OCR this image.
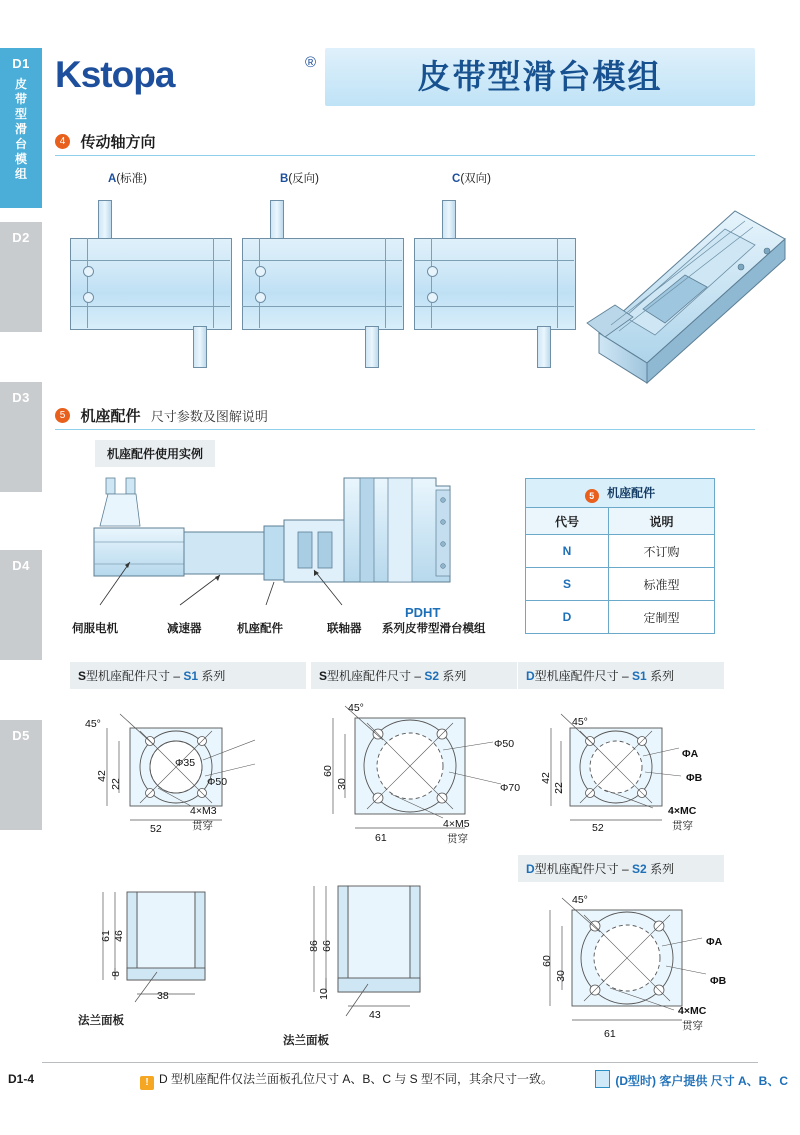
D1
皮带型滑台模组
D2
D3
D4
D5
Kstopa	®	皮带型滑台模组
4 传动轴方向
A(标准)	B(反向)	C(双向)
5 机座配件 尺寸参数及图解说明
机座配件使用实例
伺服电机	减速器	机座配件	联轴器
PDHT
系列皮带型滑台模组
5 机座配件	
代号	说明
N	不订购
S	标准型
D	定制型
S型机座配件尺寸 – S1 系列	S型机座配件尺寸 – S2 系列	D型机座配件尺寸 – S1 系列
D型机座配件尺寸 – S2 系列
45°
42
22
Φ35
Φ50
4×M3
贯穿
52
45°
60
30
Φ50
Φ70
4×M5
贯穿
61
45°
42
22
ΦA
ΦB
4×MC
贯穿
52
45°
60
30
ΦA
ΦB
4×MC
贯穿
61
61 46
8
38
法兰面板
86 66
10
43
法兰面板
D1-4	! D 型机座配件仅法兰面板孔位尺寸 A、B、C 与 S 型不同，其余尺寸一致。	(D型时) 客户提供 尺寸 A、B、C
